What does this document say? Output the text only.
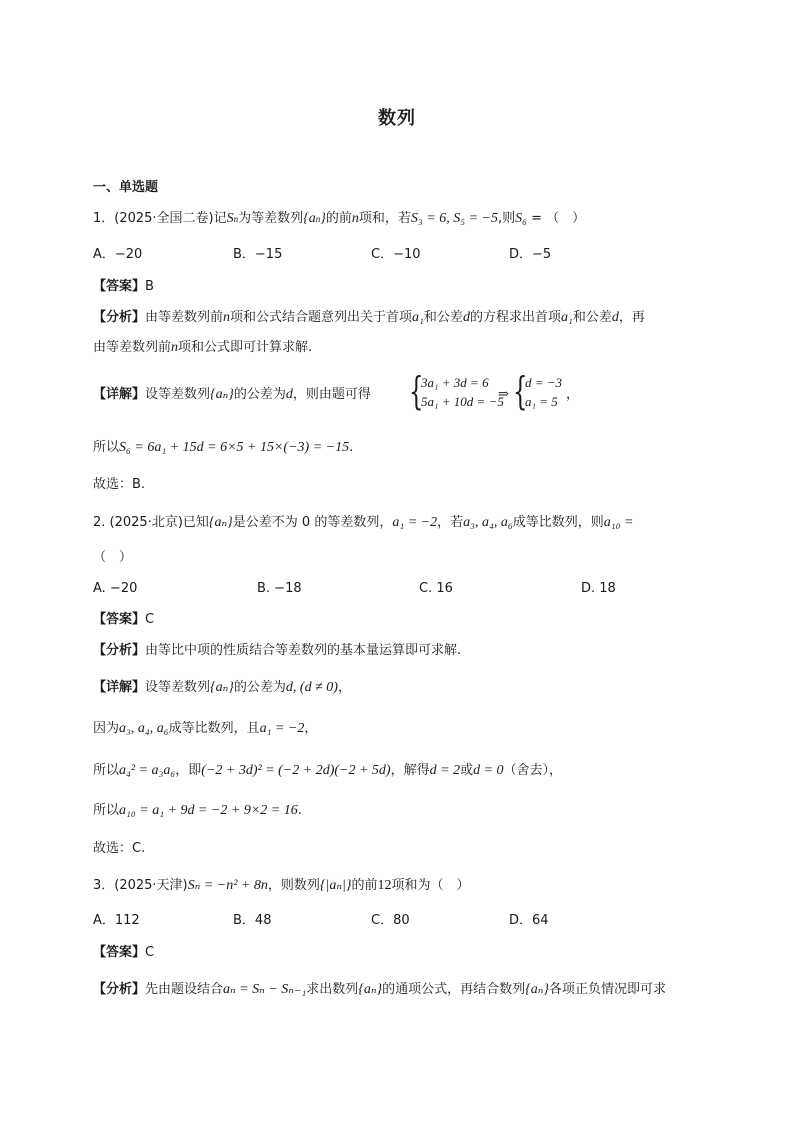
数列
一、单选题
1．(2025·全国二卷)记Sn为等差数列{an}的前n项和，若S₃ = 6, S₅ = −5,则S₆ = （　）
A．−20	B．−15	C．−10	D．−5
【答案】B
【分析】由等差数列前n项和公式结合题意列出关于首项a₁和公差d的方程求出首项a₁和公差d，再
由等差数列前n项和公式即可计算求解.
【详解】设等差数列{aₙ}的公差为d，则由题可得 {
3a₁ + 3d = 6
5a₁ + 10d = −5
⇒ {
d = −3
a₁ = 5 ，
所以S₆ = 6a₁ + 15d = 6×5 + 15×(−3) = −15.
故选：B.
2. (2025·北京)已知{aₙ}是公差不为 0 的等差数列，a₁ = −2，若a₃, a₄, a₆成等比数列，则a₁₀ =
（　）
A. −20	B. −18	C. 16	D. 18
【答案】C
【分析】由等比中项的性质结合等差数列的基本量运算即可求解.
【详解】设等差数列{aₙ}的公差为d, (d ≠ 0)，
因为a₃, a₄, a₆成等比数列，且a₁ = −2，
所以a₄² = a₃a₆，即(−2 + 3d)² = (−2 + 2d)(−2 + 5d)，解得d = 2或d = 0（舍去），
所以a₁₀ = a₁ + 9d = −2 + 9×2 = 16.
故选：C.
3．(2025·天津)Sₙ = −n² + 8n，则数列{|aₙ|}的前12项和为（　）
A．112	B．48	C．80	D．64
【答案】C
【分析】先由题设结合aₙ = Sₙ − Sₙ₋₁求出数列{aₙ}的通项公式，再结合数列{aₙ}各项正负情况即可求
